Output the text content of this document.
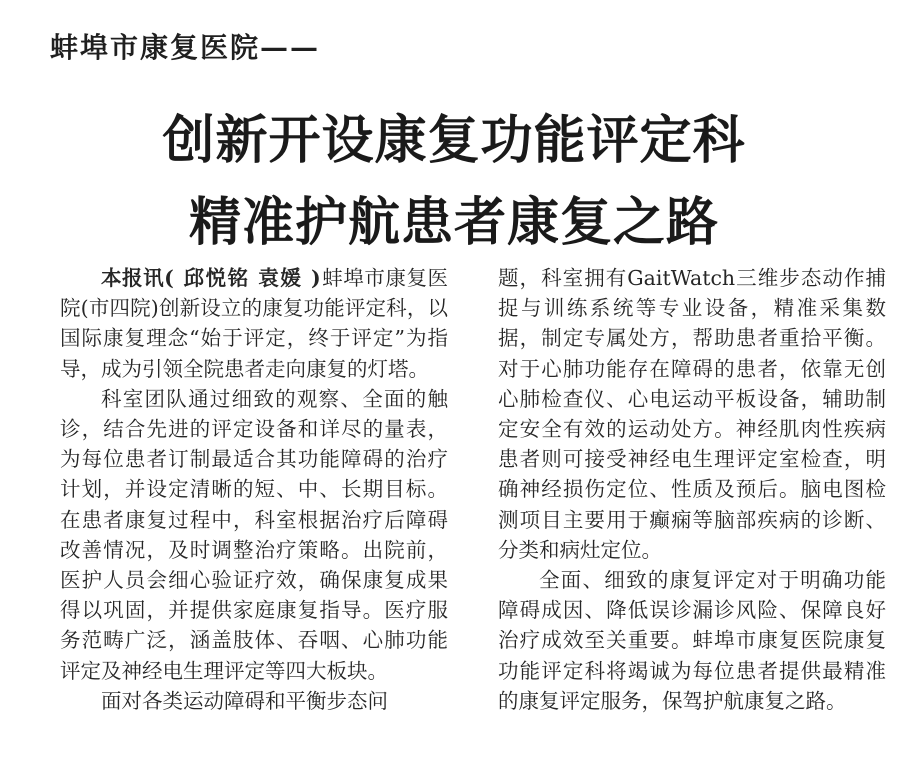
蚌埠市康复医院——
创新开设康复功能评定科
精准护航患者康复之路

本报讯( 邱悦铭 袁媛 )蚌埠市康复医院(市四院)创新设立的康复功能评定科，以国际康复理念“始于评定，终于评定”为指导，成为引领全院患者走向康复的灯塔。

科室团队通过细致的观察、全面的触诊，结合先进的评定设备和详尽的量表，为每位患者订制最适合其功能障碍的治疗计划，并设定清晰的短、中、长期目标。在患者康复过程中，科室根据治疗后障碍改善情况，及时调整治疗策略。出院前，医护人员会细心验证疗效，确保康复成果得以巩固，并提供家庭康复指导。医疗服务范畴广泛，涵盖肢体、吞咽、心肺功能评定及神经电生理评定等四大板块。

面对各类运动障碍和平衡步态问

题，科室拥有GaitWatch三维步态动作捕捉与训练系统等专业设备，精准采集数据，制定专属处方，帮助患者重拾平衡。对于心肺功能存在障碍的患者，依靠无创心肺检查仪、心电运动平板设备，辅助制定安全有效的运动处方。神经肌肉性疾病患者则可接受神经电生理评定室检查，明确神经损伤定位、性质及预后。脑电图检测项目主要用于癫痫等脑部疾病的诊断、分类和病灶定位。

全面、细致的康复评定对于明确功能障碍成因、降低误诊漏诊风险、保障良好治疗成效至关重要。蚌埠市康复医院康复功能评定科将竭诚为每位患者提供最精准的康复评定服务，保驾护航康复之路。
